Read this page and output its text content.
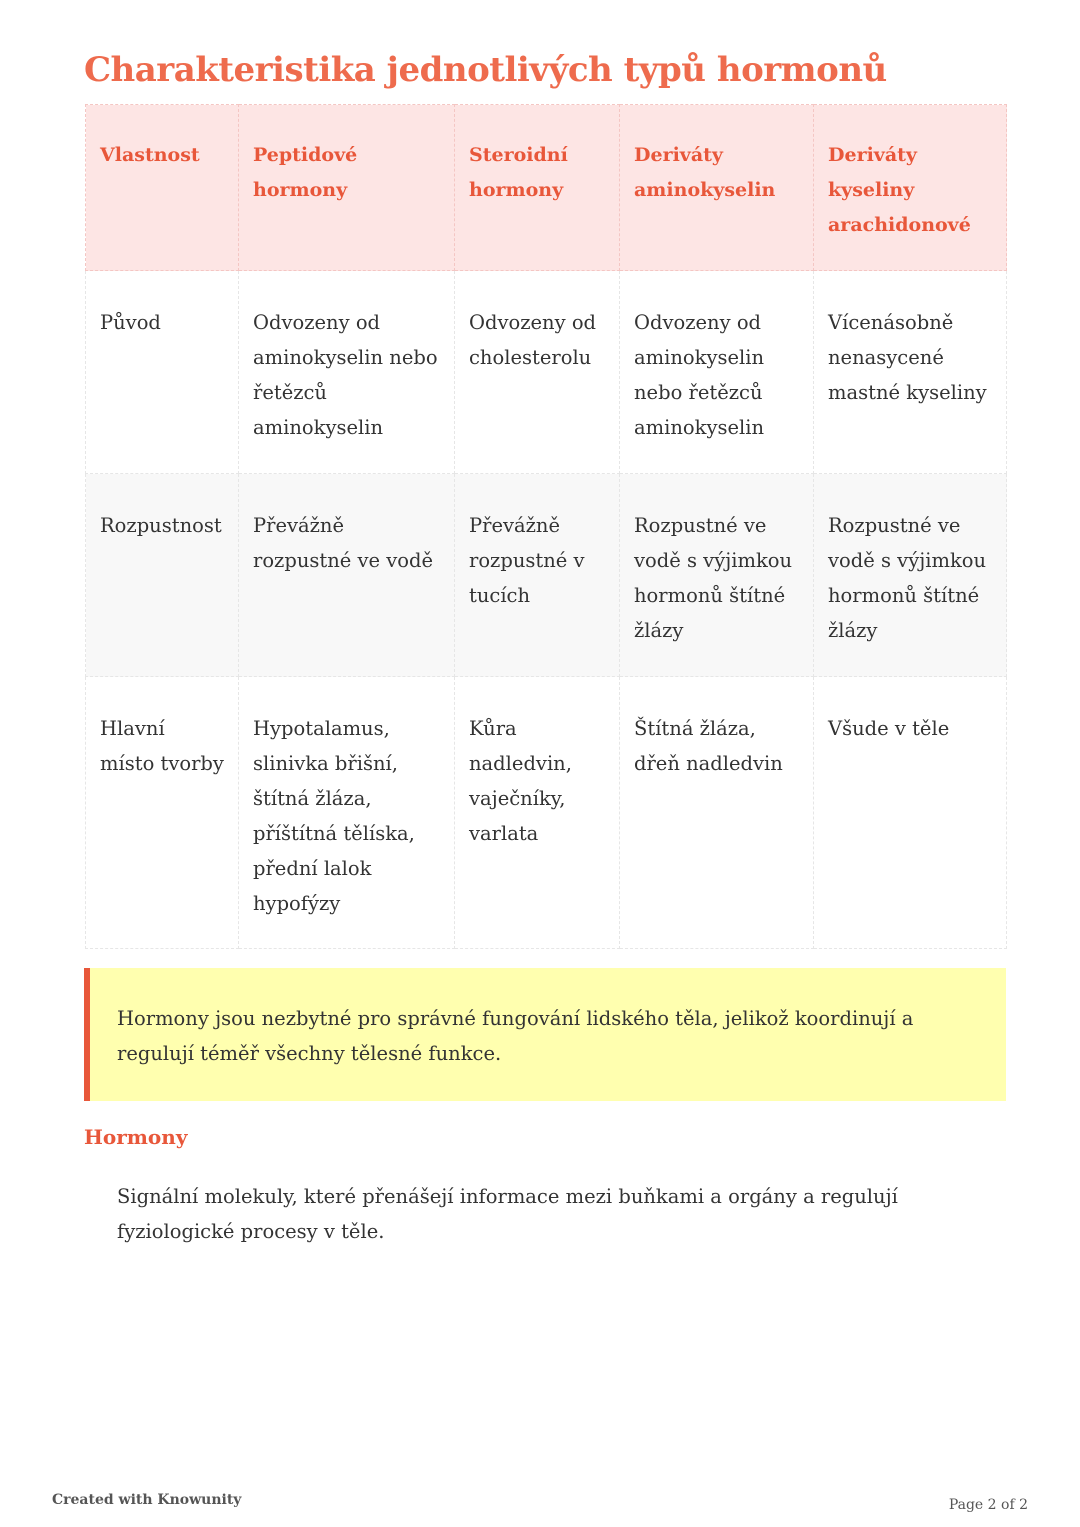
Charakteristika jednotlivých typů hormonů
Vlastnost	Peptidové hormony	Steroidní hormony	Deriváty aminokyselin	Deriváty kyseliny arachidonové
Původ	Odvozeny od aminokyselin nebo řetězců aminokyselin	Odvozeny od cholesterolu	Odvozeny od aminokyselin nebo řetězců aminokyselin	Vícenásobně nenasycené mastné kyseliny
Rozpustnost	Převážně rozpustné ve vodě	Převážně rozpustné v tucích	Rozpustné ve vodě s výjimkou hormonů štítné žlázy	Rozpustné ve vodě s výjimkou hormonů štítné žlázy
Hlavní místo tvorby	Hypotalamus, slinivka břišní, štítná žláza, příštítná tělíska, přední lalok hypofýzy	Kůra nadledvin, vaječníky, varlata	Štítná žláza, dřeň nadledvin	Všude v těle
Hormony jsou nezbytné pro správné fungování lidského těla, jelikož koordinují a regulují téměř všechny tělesné funkce.
Hormony

Signální molekuly, které přenášejí informace mezi buňkami a orgány a regulují fyziologické procesy v těle.

Created with Knowunity	Page 2 of 2
